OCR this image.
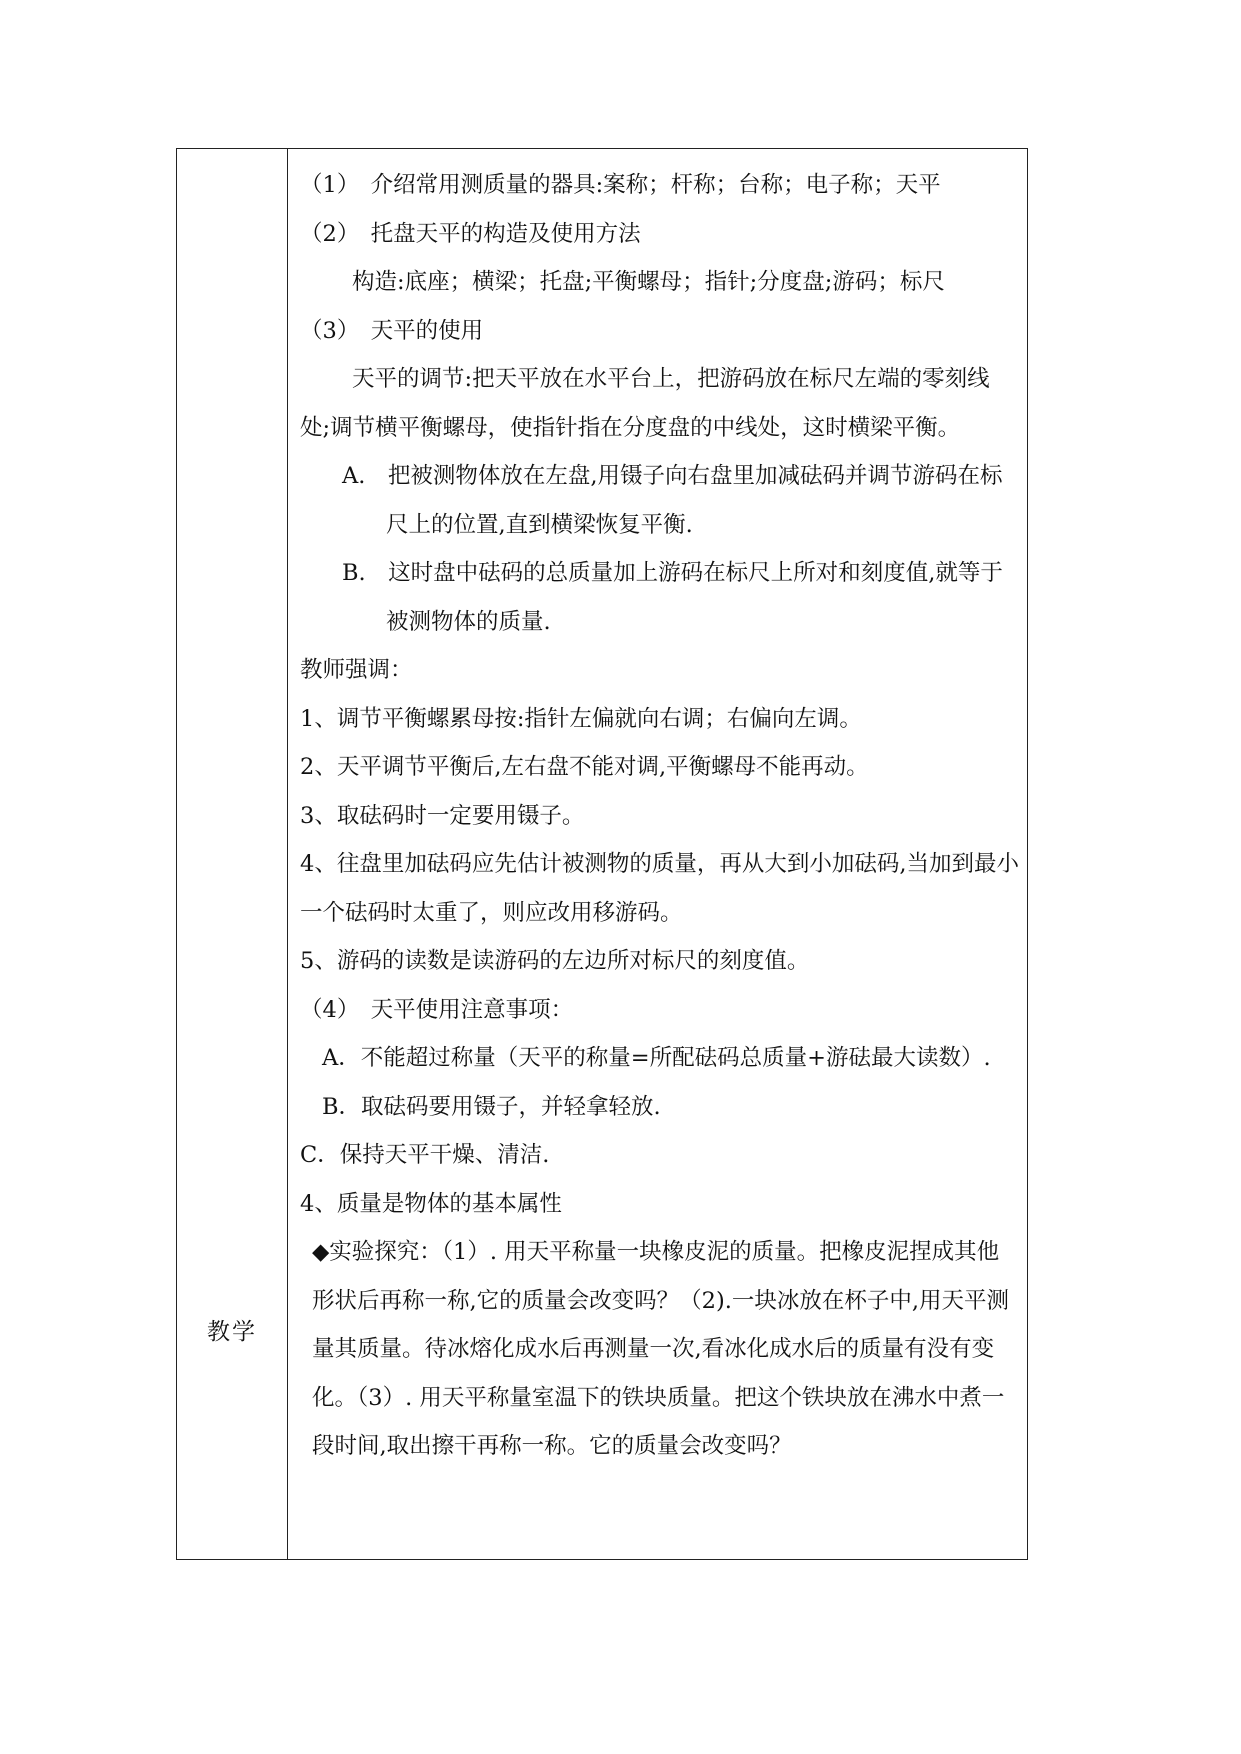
教学	

（1）　介绍常用测质量的器具:案称；杆称；台称；电子称；天平

（2）　托盘天平的构造及使用方法

构造:底座；横梁；托盘;平衡螺母；指针;分度盘;游码；标尺

（3）　天平的使用

天平的调节:把天平放在水平台上，把游码放在标尺左端的零刻线处;调节横平衡螺母，使指针指在分度盘的中线处，这时横梁平衡。

A.　把被测物体放在左盘,用镊子向右盘里加减砝码并调节游码在标尺上的位置,直到横梁恢复平衡.

B.　这时盘中砝码的总质量加上游码在标尺上所对和刻度值,就等于被测物体的质量.

教师强调：

1、调节平衡螺累母按:指针左偏就向右调；右偏向左调。

2、天平调节平衡后,左右盘不能对调,平衡螺母不能再动。

3、取砝码时一定要用镊子。

4、往盘里加砝码应先估计被测物的质量，再从大到小加砝码,当加到最小一个砝码时太重了，则应改用移游码。

5、游码的读数是读游码的左边所对标尺的刻度值。

（4）　天平使用注意事项：

A．不能超过称量（天平的称量=所配砝码总质量+游砝最大读数）.

B．取砝码要用镊子，并轻拿轻放.

C．保持天平干燥、清洁.

4、质量是物体的基本属性

◆实验探究：（1）. 用天平称量一块橡皮泥的质量。把橡皮泥捏成其他形状后再称一称,它的质量会改变吗？（2).一块冰放在杯子中,用天平测量其质量。待冰熔化成水后再测量一次,看冰化成水后的质量有没有变化。（3）. 用天平称量室温下的铁块质量。把这个铁块放在沸水中煮一段时间,取出擦干再称一称。它的质量会改变吗？
